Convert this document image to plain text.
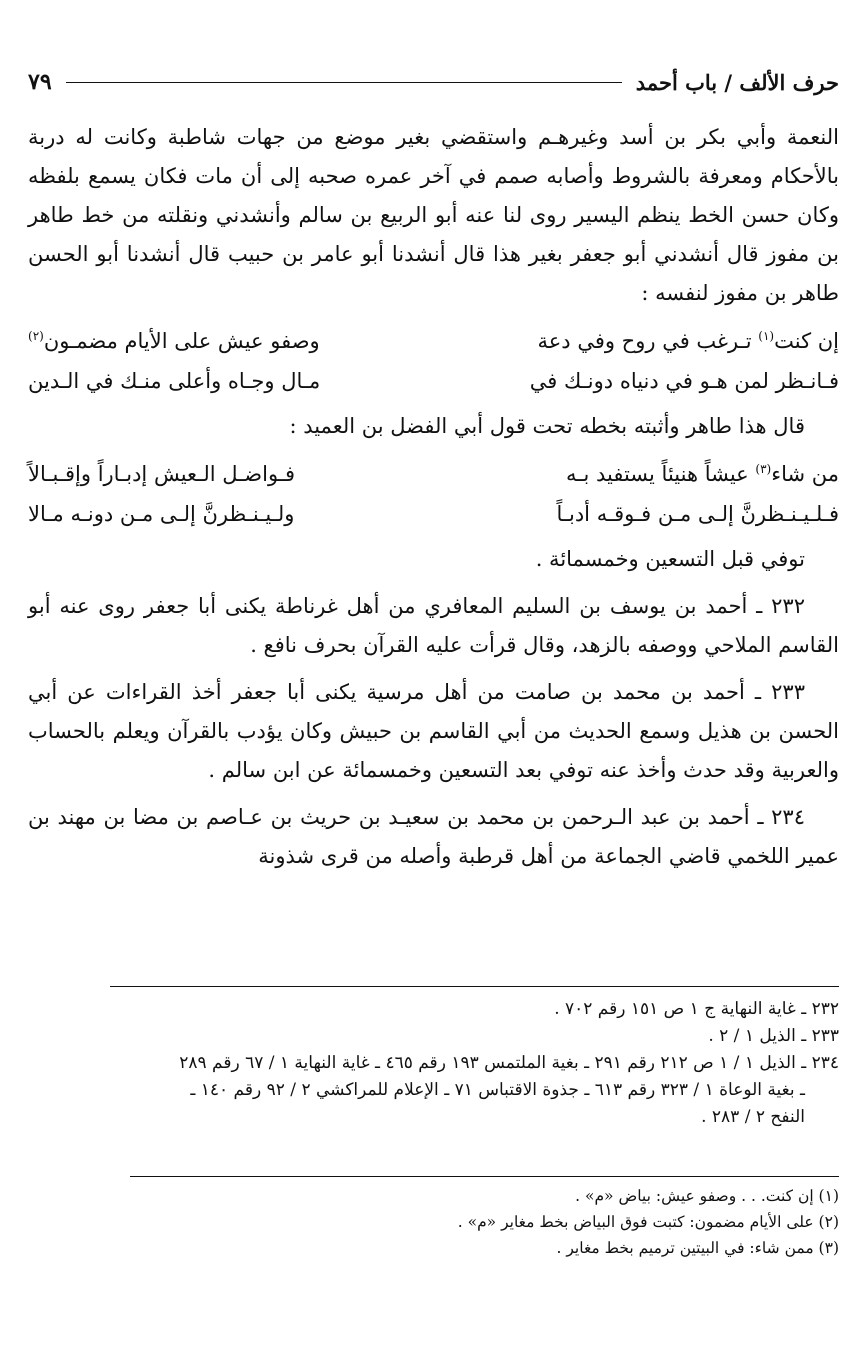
حرف الألف / باب أحمد
٧٩

النعمة وأبي بكر بن أسد وغيرهـم واستقضي بغير موضع من جهات شاطبة وكانت له دربة بالأحكام ومعرفة بالشروط وأصابه صمم في آخر عمره صحبه إلى أن مات فكان يسمع بلفظه وكان حسن الخط ينظم اليسير روى لنا عنه أبو الربيع بن سالم وأنشدني ونقلته من خط طاهر بن مفوز قال أنشدني أبو جعفر بغير هذا قال أنشدنا أبو عامر بن حبيب قال أنشدنا أبو الحسن طاهر بن مفوز لنفسه :

إن كنت$^{(١)}$ تـرغب في روح وفي دعة
وصفو عيش على الأيام مضمـون$^{(٢)}$
فـانـظر لمن هـو في دنياه دونـك في
مـال وجـاه وأعلى منـك في الـدين

قال هذا طاهر وأثبته بخطه تحت قول أبي الفضل بن العميد :

من شاء$^{(٣)}$ عيشاً هنيئاً يستفيد بـه
فـواضـل الـعيش إدبـاراً وإقـبـالاً
فـلـيـنـظرنَّ إلـى مـن فـوقـه أدبـاً
ولـيـنـظرنَّ إلـى مـن دونـه مـالا

توفي قبل التسعين وخمسمائة .

٢٣٢ ـ أحمد بن يوسف بن السليم المعافري من أهل غرناطة يكنى أبا جعفر روى عنه أبو القاسم الملاحي ووصفه بالزهد، وقال قرأت عليه القرآن بحرف نافع .

٢٣٣ ـ أحمد بن محمد بن صامت من أهل مرسية يكنى أبا جعفر أخذ القراءات عن أبي الحسن بن هذيل وسمع الحديث من أبي القاسم بن حبيش وكان يؤدب بالقرآن ويعلم بالحساب والعربية وقد حدث وأخذ عنه توفي بعد التسعين وخمسمائة عن ابن سالم .

٢٣٤ ـ أحمد بن عبد الـرحمن بن محمد بن سعيـد بن حريث بن عـاصم بن مضا بن مهند بن عمير اللخمي قاضي الجماعة من أهل قرطبة وأصله من قرى شذونة

٢٣٢ ـ غاية النهاية ج ١ ص ١٥١ رقم ٧٠٢ .
٢٣٣ ـ الذيل ١ / ٢ .
٢٣٤ ـ الذيل ١ / ١ ص ٢١٢ رقم ٢٩١ ـ بغية الملتمس ١٩٣ رقم ٤٦٥ ـ غاية النهاية ١ / ٦٧ رقم ٢٨٩
ـ بغية الوعاة ١ / ٣٢٣ رقم ٦١٣ ـ جذوة الاقتباس ٧١ ـ الإعلام للمراكشي ٢ / ٩٢ رقم ١٤٠ ـ
النفح ٢ / ٢٨٣ .
(١) إن كنت. . . وصفو عيش: بياض «م» .
(٢) على الأيام مضمون: كتبت فوق البياض بخط مغاير «م» .
(٣) ممن شاء: في البيتين ترميم بخط مغاير .
